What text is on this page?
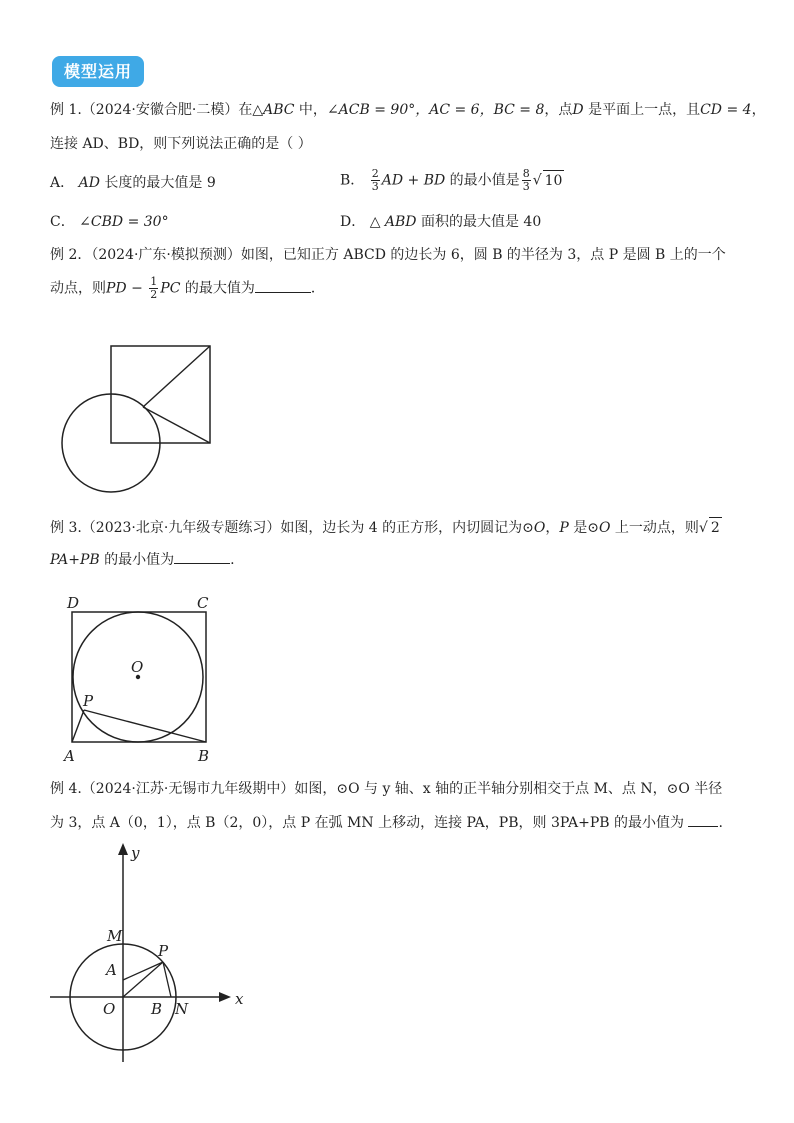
模型运用
例 1.（2024·安徽合肥·二模）在△ABC 中，∠ACB = 90°，AC = 6，BC = 8，点D 是平面上一点，且CD = 4，
连接 AD、BD，则下列说法正确的是（ ）
A． AD 长度的最大值是 9	B． $\frac{2}{3}$ AD + BD 的最小值是 $\frac{8}{3}$ √ 10
C． ∠CBD = 30°	D． △ ABD 面积的最大值是 40
例 2．（2024·广东·模拟预测）如图，已知正方 ABCD 的边长为 6，圆 B 的半径为 3，点 P 是圆 B 上的一个
动点，则PD − $\frac{1}{2}$ PC 的最大值为	．
例 3.（2023·北京·九年级专题练习）如图，边长为 4 的正方形，内切圆记为⊙O，P 是⊙O 上一动点，则√ 2
PA+PB 的最小值为	.
D	C
O
P
A	B
例 4.（2024·江苏·无锡市九年级期中）如图，⊙O 与 y 轴、x 轴的正半轴分别相交于点 M、点 N，⊙O 半径
为 3，点 A（0，1），点 B（2，0），点 P 在弧 MN 上移动，连接 PA，PB，则 3PA+PB 的最小值为 .
y
x
M
P
A
O B N
